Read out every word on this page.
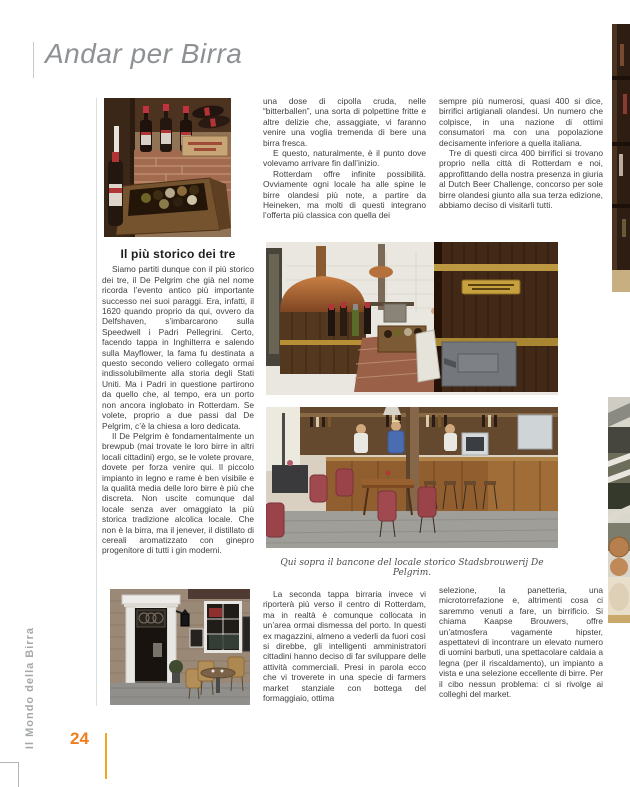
Andar per Birra
Il più storico dei tre

Siamo partiti dunque con il più storico dei tre, il De Pelgrim che già nel nome ricorda l’evento antico più importante successo nei suoi paraggi. Era, infatti, il 1620 quando proprio da qui, ovvero da Delfshaven, s’imbarcarono sulla Speedwell i Padri Pellegrini. Certo, facendo tappa in Inghilterra e salendo sulla Mayflower, la fama fu destinata a questo secondo veliero collegato ormai indissolubilmente alla storia degli Stati Uniti. Ma i Padri in questione partirono da quello che, al tempo, era un porto non ancora inglobato in Rotterdam. Se volete, proprio a due passi dal De Pelgrim, c’è la chiesa a loro dedicata.

Il De Pelgrim è fondamentalmente un brewpub (mai trovate le loro birre in altri locali cittadini) ergo, se le volete provare, dovete per forza venire qui. Il piccolo impianto in legno e rame è ben visibile e la qualità media delle loro birre è più che discreta. Non uscite comunque dal locale senza aver omaggiato la più storica tradizione alcolica locale. Che non è la birra, ma il jenever, il distillato di cereali aromatizzato con ginepro progenitore di tutti i gin moderni.

una dose di cipolla cruda, nelle “bitterballen”, una sorta di polpettine fritte e altre delizie che, assaggiate, vi faranno venire una voglia tremenda di bere una birra fresca.

E questo, naturalmente, è il punto dove volevamo arrivare fin dall’inizio.

Rotterdam offre infinite possibilità. Ovviamente ogni locale ha alle spine le birre olandesi più note, a partire da Heineken, ma molti di questi integrano l’offerta più classica con quella dei

sempre più numerosi, quasi 400 si dice, birrifici artigianali olandesi. Un numero che colpisce, in una nazione di ottimi consumatori ma con una popolazione decisamente inferiore a quella italiana.

Tre di questi circa 400 birrifici si trovano proprio nella città di Rotterdam e noi, approfittando della nostra presenza in giuria al Dutch Beer Challenge, concorso per sole birre olandesi giunto alla sua terza edizione, abbiamo deciso di visitarli tutti.

Qui sopra il bancone del locale storico Stadsbrouwerij De Pelgrim.

La seconda tappa birraria invece vi riporterà più verso il centro di Rotterdam, ma in realtà è comunque collocata in un’area ormai dismessa del porto. In questi ex magazzini, almeno a vederli da fuori così si direbbe, gli intelligenti amministratori cittadini hanno deciso di far sviluppare delle attività commerciali. Presi in parola ecco che vi troverete in una specie di farmers market stanziale con bottega del formaggiaio, ottima

selezione, la panetteria, una microtorrefazione e, altrimenti cosa ci saremmo venuti a fare, un birrificio. Si chiama Kaapse Brouwers, offre un’atmosfera vagamente hipster, aspettatevi di incontrare un elevato numero di uomini barbuti, una spettacolare caldaia a legna (per il riscaldamento), un impianto a vista e una selezione eccellente di birre. Per il cibo nessun problema: ci si rivolge ai colleghi del market.

Il Mondo della Birra 24
